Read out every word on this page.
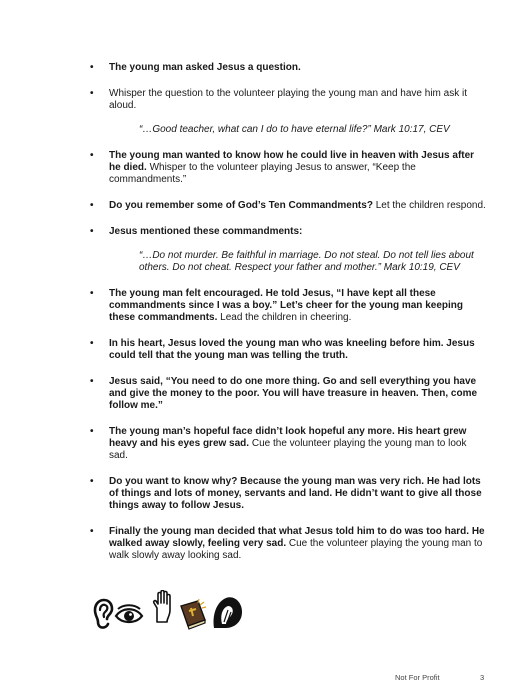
• The young man asked Jesus a question.
• Whisper the question to the volunteer playing the young man and have him ask it aloud.
“…Good teacher, what can I do to have eternal life?” Mark 10:17, CEV
• The young man wanted to know how he could live in heaven with Jesus after he died. Whisper to the volunteer playing Jesus to answer, “Keep the commandments.”
• Do you remember some of God’s Ten Commandments? Let the children respond.
• Jesus mentioned these commandments:
“…Do not murder. Be faithful in marriage. Do not steal. Do not tell lies about others. Do not cheat. Respect your father and mother.” Mark 10:19, CEV
• The young man felt encouraged. He told Jesus, “I have kept all these commandments since I was a boy.” Let’s cheer for the young man keeping these commandments. Lead the children in cheering.
• In his heart, Jesus loved the young man who was kneeling before him. Jesus could tell that the young man was telling the truth.
• Jesus said, “You need to do one more thing. Go and sell everything you have and give the money to the poor. You will have treasure in heaven. Then, come follow me.”
• The young man’s hopeful face didn’t look hopeful any more. His heart grew heavy and his eyes grew sad. Cue the volunteer playing the young man to look sad.
• Do you want to know why? Because the young man was very rich. He had lots of things and lots of money, servants and land. He didn’t want to give all those things away to follow Jesus.
• Finally the young man decided that what Jesus told him to do was too hard. He walked away slowly, feeling very sad. Cue the volunteer playing the young man to walk slowly away looking sad.
Not For Profit	3
